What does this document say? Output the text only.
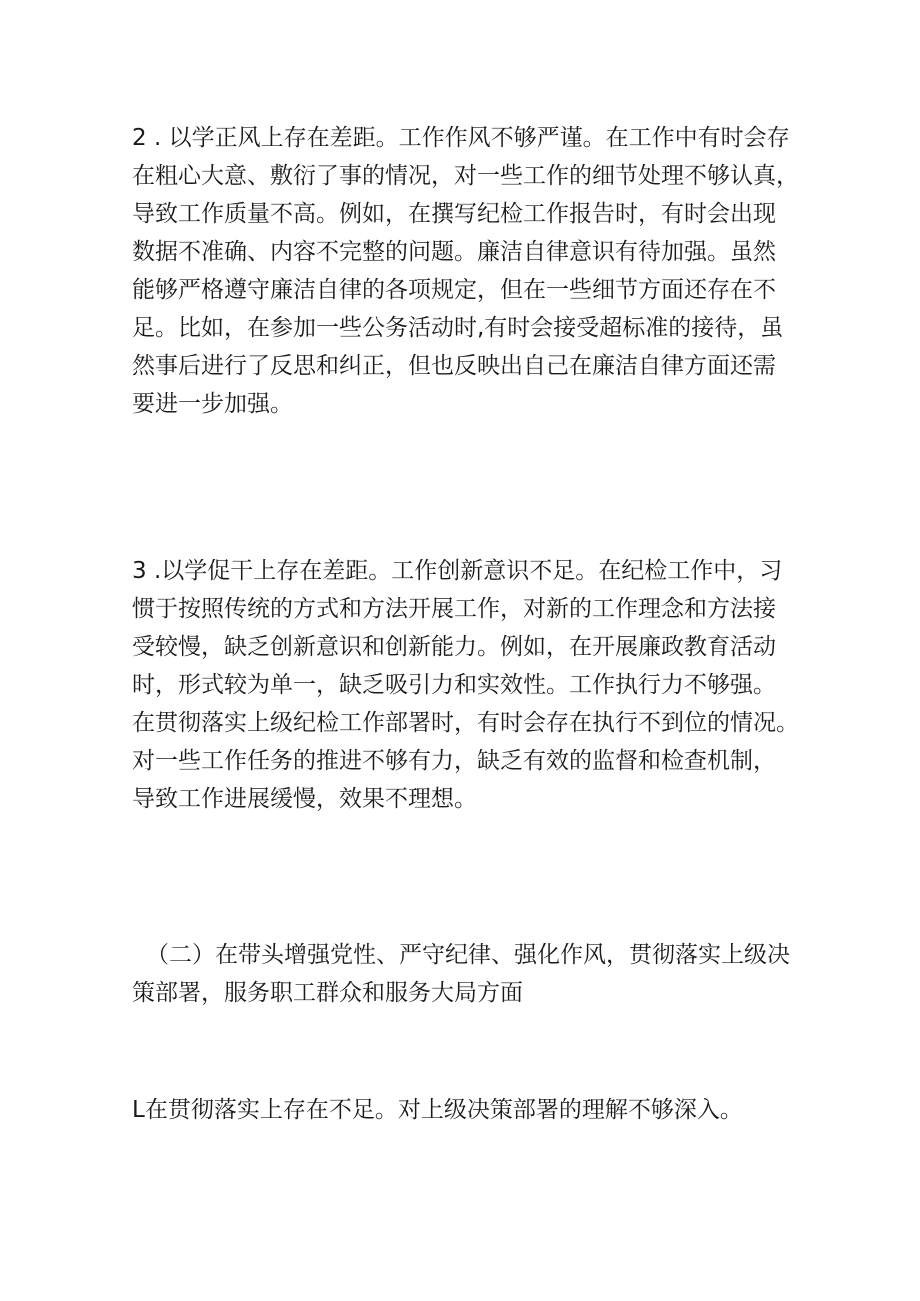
2 . 以学正风上存在差距。工作作风不够严谨。在工作中有时会存
在粗心大意、敷衍了事的情况，对一些工作的细节处理不够认真，
导致工作质量不高。例如，在撰写纪检工作报告时，有时会出现
数据不准确、内容不完整的问题。廉洁自律意识有待加强。虽然
能够严格遵守廉洁自律的各项规定，但在一些细节方面还存在不
足。比如，在参加一些公务活动时,有时会接受超标准的接待，虽
然事后进行了反思和纠正，但也反映出自己在廉洁自律方面还需
要进一步加强。
3 .以学促干上存在差距。工作创新意识不足。在纪检工作中，习
惯于按照传统的方式和方法开展工作，对新的工作理念和方法接
受较慢，缺乏创新意识和创新能力。例如，在开展廉政教育活动
时，形式较为单一，缺乏吸引力和实效性。工作执行力不够强。
在贯彻落实上级纪检工作部署时，有时会存在执行不到位的情况。
对一些工作任务的推进不够有力，缺乏有效的监督和检查机制，
导致工作进展缓慢，效果不理想。
（二）在带头增强党性、严守纪律、强化作风，贯彻落实上级决
策部署，服务职工群众和服务大局方面
L在贯彻落实上存在不足。对上级决策部署的理解不够深入。
